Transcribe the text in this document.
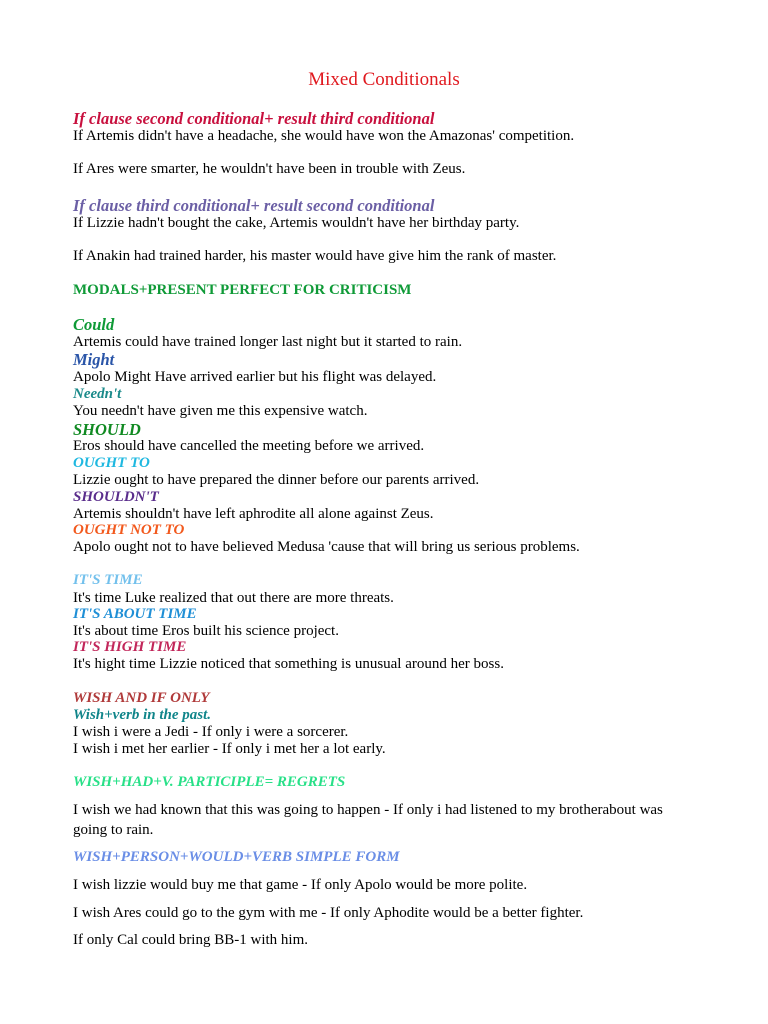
Mixed Conditionals
If clause second conditional+ result third conditional
If Artemis didn't have a headache, she would have won the Amazonas' competition.
If Ares were smarter, he wouldn't have been in trouble with Zeus.
If clause third conditional+ result second conditional
If Lizzie hadn't bought the cake, Artemis wouldn't have her birthday party.
If Anakin had trained harder, his master would have give him the rank of master.
MODALS+PRESENT PERFECT FOR CRITICISM
Could
Artemis could have trained longer last night but it started to rain.
Might
Apolo Might Have arrived earlier but his flight was delayed.
Needn't
You needn't have given me this expensive watch.
SHOULD
Eros should have cancelled the meeting before we arrived.
OUGHT TO
Lizzie ought to have prepared the dinner before our parents arrived.
SHOULDN'T
Artemis shouldn't have left aphrodite all alone against Zeus.
OUGHT NOT TO
Apolo ought not to have believed Medusa 'cause that will bring us serious problems.
IT'S TIME
It's time Luke realized that out there are more threats.
IT'S ABOUT TIME
It's about time Eros built his science project.
IT'S HIGH TIME
It's hight time Lizzie noticed that something is unusual around her boss.
WISH AND IF ONLY
Wish+verb in the past.
I wish i were a Jedi - If only i were a sorcerer.
I wish i met her earlier - If only i met her a lot early.
WISH+HAD+V. PARTICIPLE= REGRETS
I wish we had known that this was going to happen - If only i had listened to my brotherabout was going to rain.
WISH+PERSON+WOULD+VERB SIMPLE FORM
I wish lizzie would buy me that game - If only Apolo would be more polite.
I wish Ares could go to the gym with me - If only Aphodite would be a better fighter.
If only Cal could bring BB-1 with him.
